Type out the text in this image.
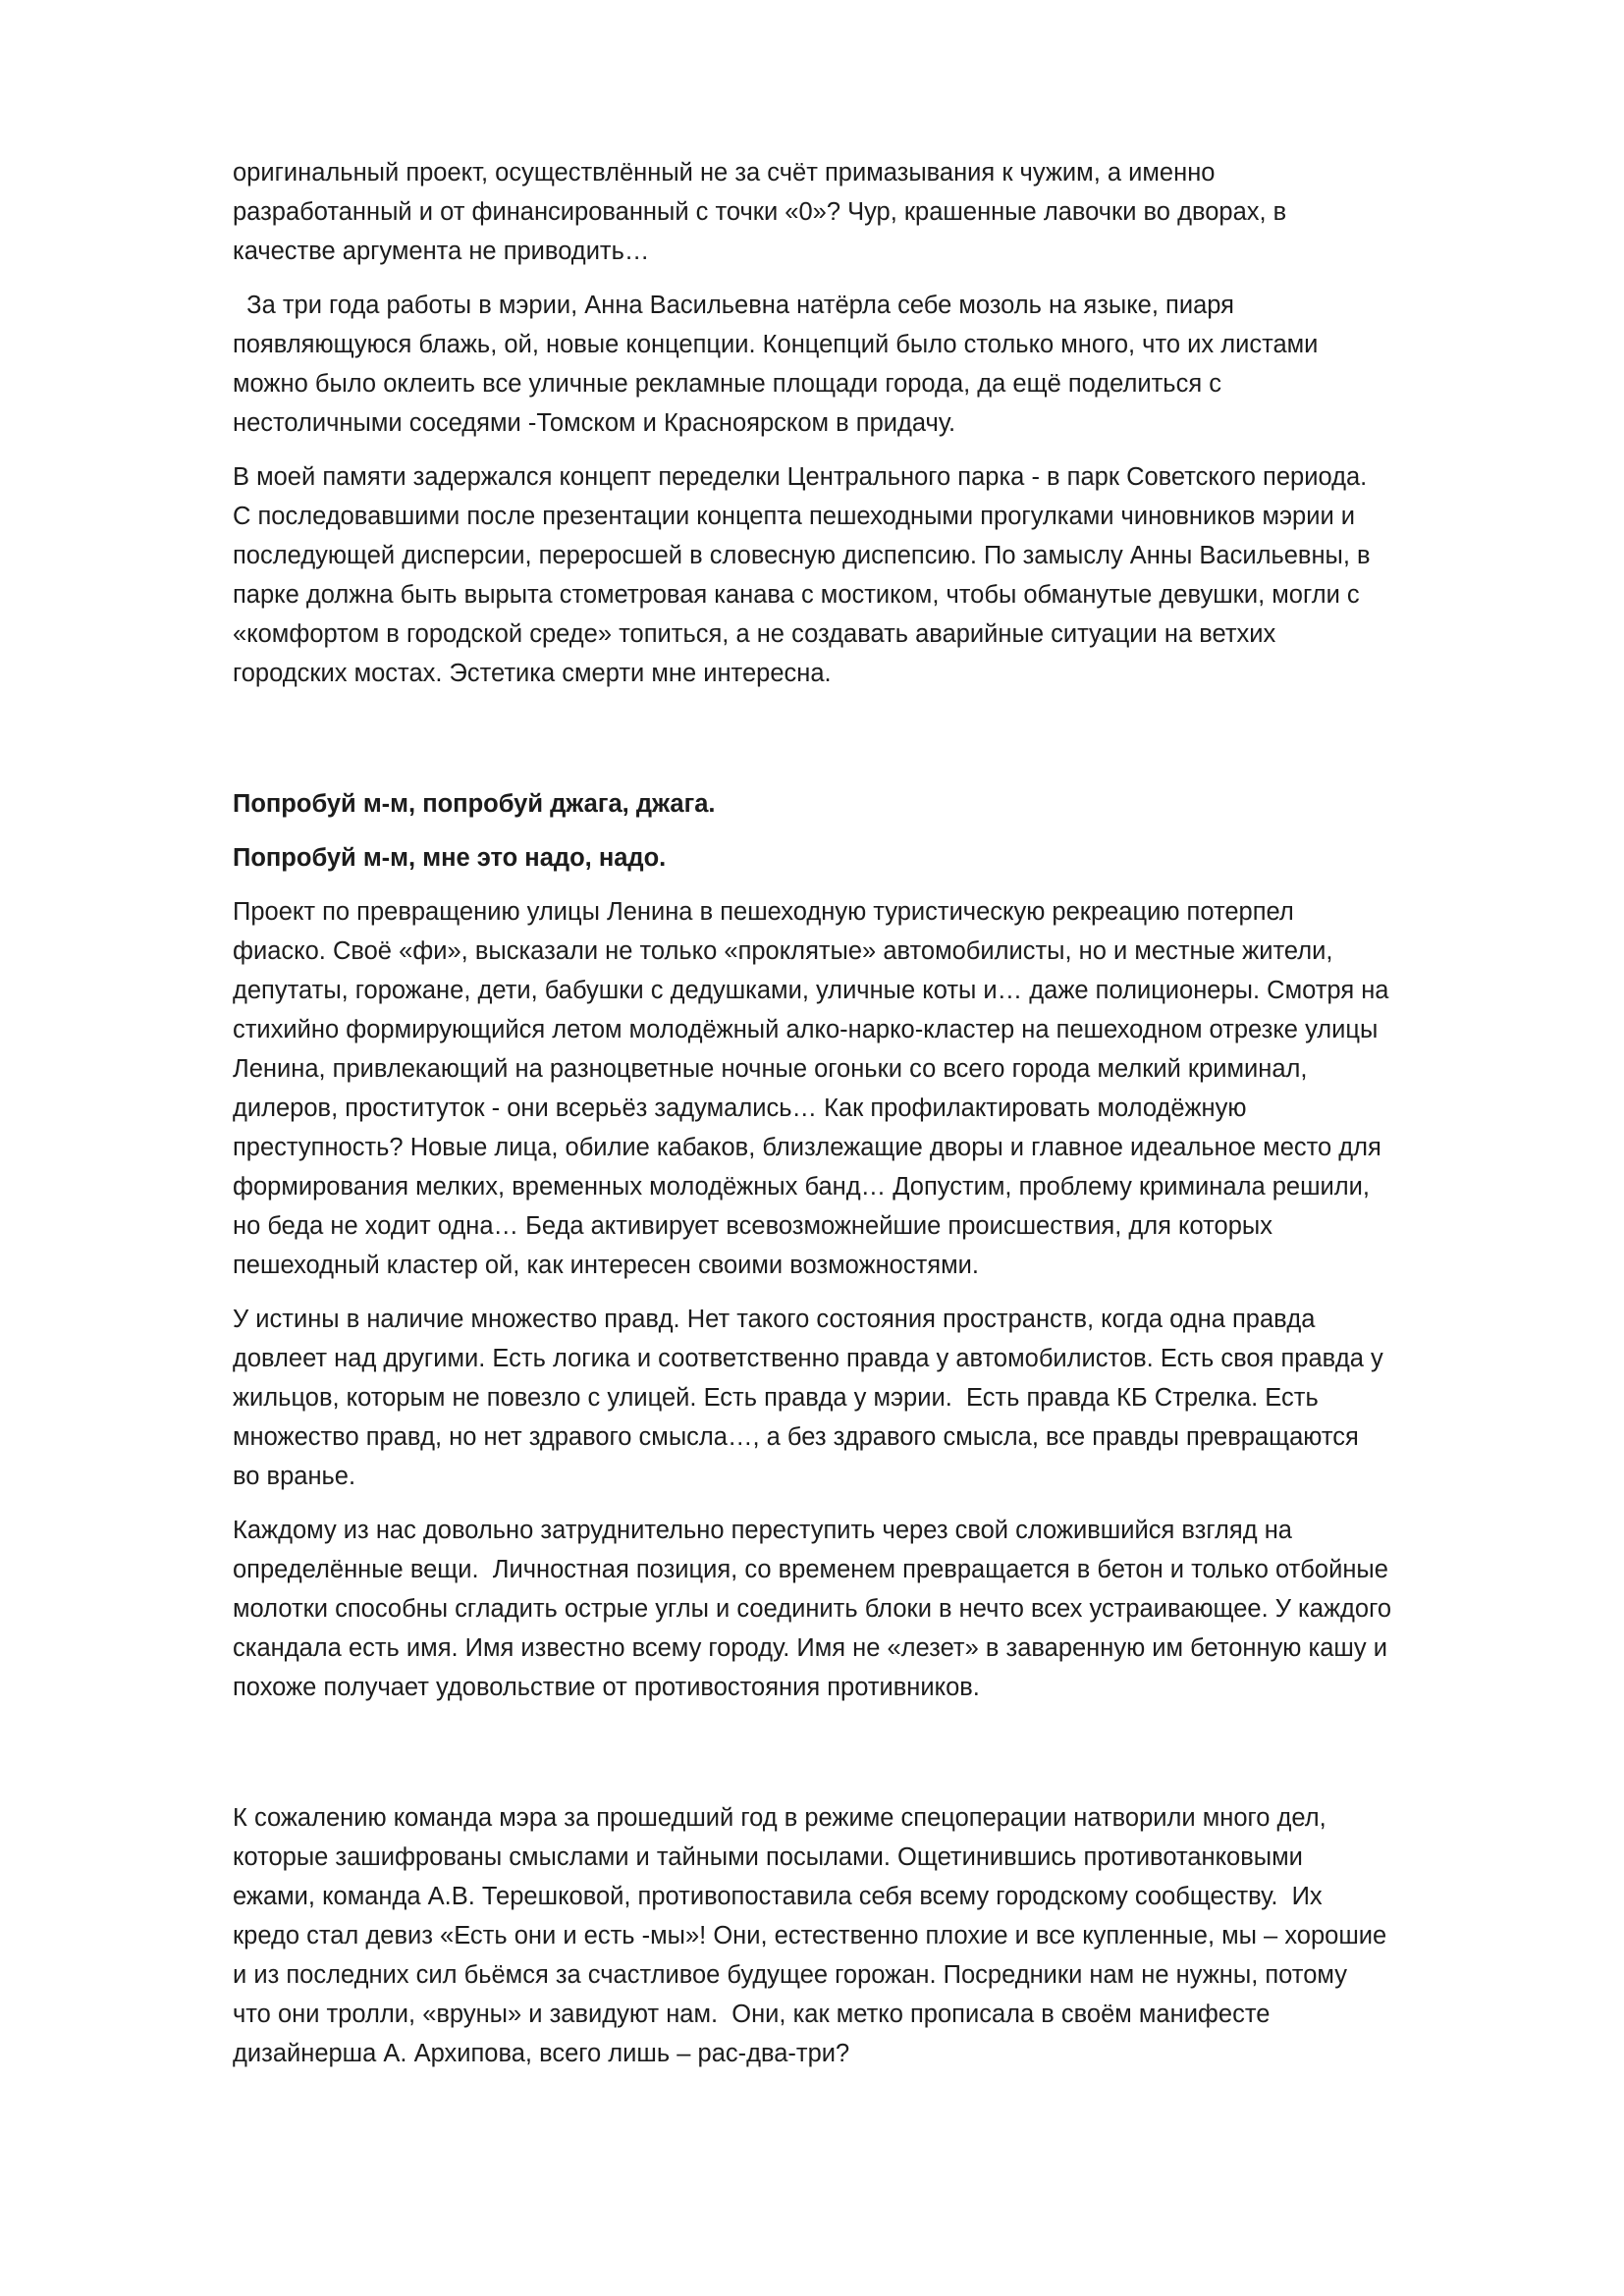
оригинальный проект, осуществлённый не за счёт примазывания к чужим, а именно разработанный и от финансированный с точки «0»? Чур, крашенные лавочки во дворах, в качестве аргумента не приводить…

За три года работы в мэрии, Анна Васильевна натёрла себе мозоль на языке, пиаря появляющуюся блажь, ой, новые концепции. Концепций было столько много, что их листами можно было оклеить все уличные рекламные площади города, да ещё поделиться с нестоличными соседями -Томском и Красноярском в придачу.

В моей памяти задержался концепт переделки Центрального парка - в парк Советского периода. С последовавшими после презентации концепта пешеходными прогулками чиновников мэрии и последующей дисперсии, переросшей в словесную диспепсию. По замыслу Анны Васильевны, в парке должна быть вырыта стометровая канава с мостиком, чтобы обманутые девушки, могли с «комфортом в городской среде» топиться, а не создавать аварийные ситуации на ветхих городских мостах. Эстетика смерти мне интересна.

Попробуй м-м, попробуй джага, джага.

Попробуй м-м, мне это надо, надо.

Проект по превращению улицы Ленина в пешеходную туристическую рекреацию потерпел фиаско. Своё «фи», высказали не только «проклятые» автомобилисты, но и местные жители, депутаты, горожане, дети, бабушки с дедушками, уличные коты и… даже полиционеры. Смотря на стихийно формирующийся летом молодёжный алко-нарко-кластер на пешеходном отрезке улицы Ленина, привлекающий на разноцветные ночные огоньки со всего города мелкий криминал, дилеров, проституток - они всерьёз задумались… Как профилактировать молодёжную преступность? Новые лица, обилие кабаков, близлежащие дворы и главное идеальное место для формирования мелких, временных молодёжных банд… Допустим, проблему криминала решили, но беда не ходит одна… Беда активирует всевозможнейшие происшествия, для которых пешеходный кластер ой, как интересен своими возможностями.

У истины в наличие множество правд. Нет такого состояния пространств, когда одна правда довлеет над другими. Есть логика и соответственно правда у автомобилистов. Есть своя правда у жильцов, которым не повезло с улицей. Есть правда у мэрии.  Есть правда КБ Стрелка. Есть множество правд, но нет здравого смысла…, а без здравого смысла, все правды превращаются во вранье.

Каждому из нас довольно затруднительно переступить через свой сложившийся взгляд на определённые вещи.  Личностная позиция, со временем превращается в бетон и только отбойные молотки способны сгладить острые углы и соединить блоки в нечто всех устраивающее. У каждого скандала есть имя. Имя известно всему городу. Имя не «лезет» в заваренную им бетонную кашу и похоже получает удовольствие от противостояния противников.

К сожалению команда мэра за прошедший год в режиме спецоперации натворили много дел, которые зашифрованы смыслами и тайными посылами. Ощетинившись противотанковыми ежами, команда А.В. Терешковой, противопоставила себя всему городскому сообществу.  Их кредо стал девиз «Есть они и есть -мы»! Они, естественно плохие и все купленные, мы – хорошие и из последних сил бьёмся за счастливое будущее горожан. Посредники нам не нужны, потому что они тролли, «вруны» и завидуют нам.  Они, как метко прописала в своём манифесте дизайнерша А. Архипова, всего лишь – рас-два-три?
